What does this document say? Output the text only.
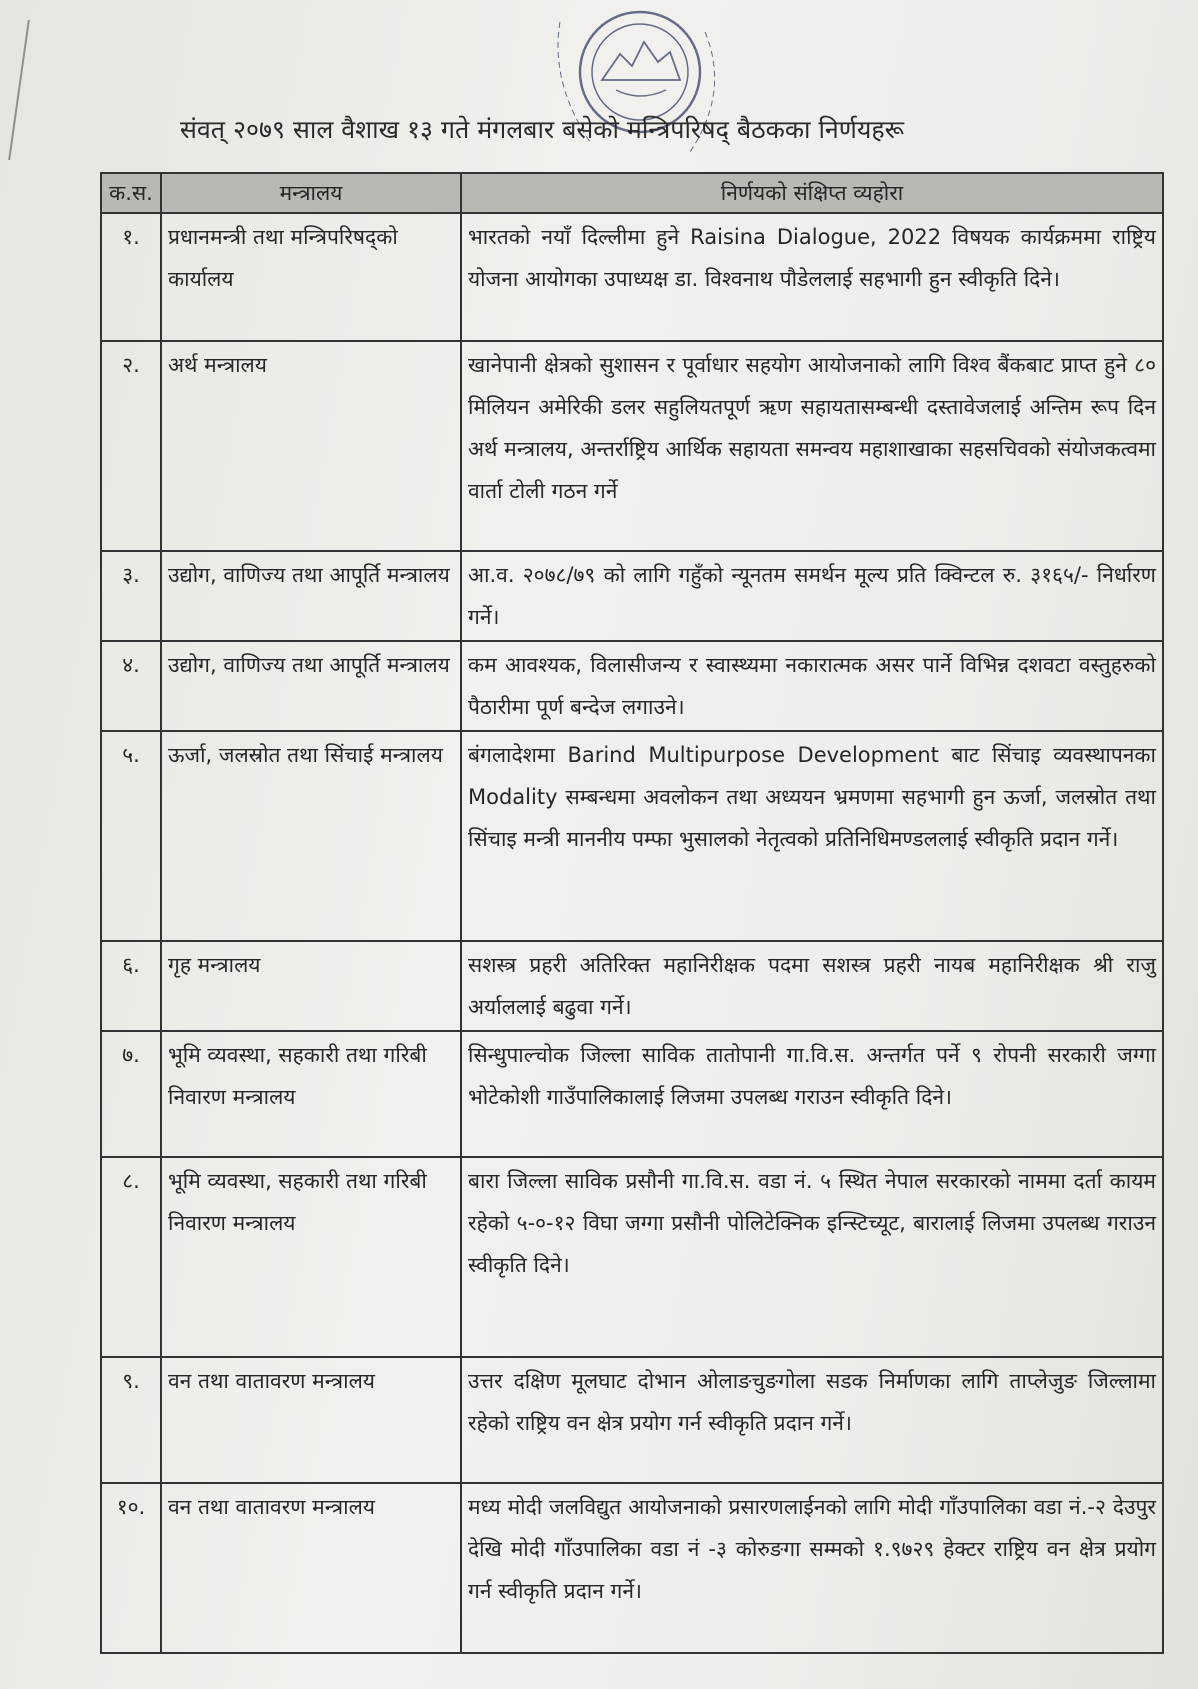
संवत् २०७९ साल वैशाख १३ गते मंगलबार बसेको मन्त्रिपरिषद् बैठकका निर्णयहरू
क.स.	मन्त्रालय	निर्णयको संक्षिप्त व्यहोरा
१.	प्रधानमन्त्री तथा मन्त्रिपरिषद्को कार्यालय	भारतको नयाँ दिल्लीमा हुने Raisina Dialogue, 2022 विषयक कार्यक्रममा राष्ट्रिय योजना आयोगका उपाध्यक्ष डा. विश्वनाथ पौडेललाई सहभागी हुन स्वीकृति दिने।
२.	अर्थ मन्त्रालय	खानेपानी क्षेत्रको सुशासन र पूर्वाधार सहयोग आयोजनाको लागि विश्व बैंकबाट प्राप्त हुने ८० मिलियन अमेरिकी डलर सहुलियतपूर्ण ऋण सहायतासम्बन्धी दस्तावेजलाई अन्तिम रूप दिन अर्थ मन्त्रालय, अन्तर्राष्ट्रिय आर्थिक सहायता समन्वय महाशाखाका सहसचिवको संयोजकत्वमा वार्ता टोली गठन गर्ने
३.	उद्योग, वाणिज्य तथा आपूर्ति मन्त्रालय	आ.व. २०७८/७९ को लागि गहुँको न्यूनतम समर्थन मूल्य प्रति क्विन्टल रु. ३१६५/- निर्धारण गर्ने।
४.	उद्योग, वाणिज्य तथा आपूर्ति मन्त्रालय	कम आवश्यक, विलासीजन्य र स्वास्थ्यमा नकारात्मक असर पार्ने विभिन्न दशवटा वस्तुहरुको पैठारीमा पूर्ण बन्देज लगाउने।
५.	ऊर्जा, जलस्रोत तथा सिंचाई मन्त्रालय	बंगलादेशमा Barind Multipurpose Development बाट सिंचाइ व्यवस्थापनका Modality सम्बन्धमा अवलोकन तथा अध्ययन भ्रमणमा सहभागी हुन ऊर्जा, जलस्रोत तथा सिंचाइ मन्त्री माननीय पम्फा भुसालको नेतृत्वको प्रतिनिधिमण्डललाई स्वीकृति प्रदान गर्ने।
६.	गृह मन्त्रालय	सशस्त्र प्रहरी अतिरिक्त महानिरीक्षक पदमा सशस्त्र प्रहरी नायब महानिरीक्षक श्री राजु अर्याललाई बढुवा गर्ने।
७.	भूमि व्यवस्था, सहकारी तथा गरिबी निवारण मन्त्रालय	सिन्धुपाल्चोक जिल्ला साविक तातोपानी गा.वि.स. अन्तर्गत पर्ने ९ रोपनी सरकारी जग्गा भोटेकोशी गाउँपालिकालाई लिजमा उपलब्ध गराउन स्वीकृति दिने।
८.	भूमि व्यवस्था, सहकारी तथा गरिबी निवारण मन्त्रालय	बारा जिल्ला साविक प्रसौनी गा.वि.स. वडा नं. ५ स्थित नेपाल सरकारको नाममा दर्ता कायम रहेको ५-०-१२ विघा जग्गा प्रसौनी पोलिटेक्निक इन्स्टिच्यूट, बारालाई लिजमा उपलब्ध गराउन स्वीकृति दिने।
९.	वन तथा वातावरण मन्त्रालय	उत्तर दक्षिण मूलघाट दोभान ओलाङचुङगोला सडक निर्माणका लागि ताप्लेजुङ जिल्लामा रहेको राष्ट्रिय वन क्षेत्र प्रयोग गर्न स्वीकृति प्रदान गर्ने।
१०.	वन तथा वातावरण मन्त्रालय	मध्य मोदी जलविद्युत आयोजनाको प्रसारणलाईनको लागि मोदी गाँउपालिका वडा नं.-२ देउपुर देखि मोदी गाँउपालिका वडा नं -३ कोरुङगा सम्मको १.९७२९ हेक्टर राष्ट्रिय वन क्षेत्र प्रयोग गर्न स्वीकृति प्रदान गर्ने।
